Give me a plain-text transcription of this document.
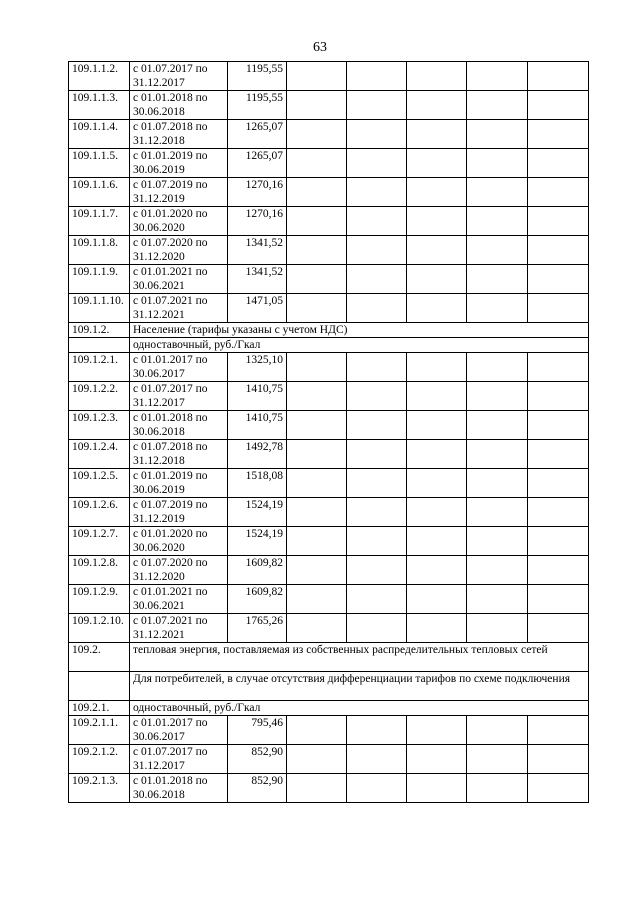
63
109.1.1.2.	с 01.07.2017 по 31.12.2017	1195,55					
109.1.1.3.	с 01.01.2018 по 30.06.2018	1195,55					
109.1.1.4.	с 01.07.2018 по 31.12.2018	1265,07					
109.1.1.5.	с 01.01.2019 по 30.06.2019	1265,07					
109.1.1.6.	с 01.07.2019 по 31.12.2019	1270,16					
109.1.1.7.	с 01.01.2020 по 30.06.2020	1270,16					
109.1.1.8.	с 01.07.2020 по 31.12.2020	1341,52					
109.1.1.9.	с 01.01.2021 по 30.06.2021	1341,52					
109.1.1.10.	с 01.07.2021 по 31.12.2021	1471,05					
109.1.2.	Население (тарифы указаны с учетом НДС)						
	одноставочный, руб./Гкал						
109.1.2.1.	с 01.01.2017 по 30.06.2017	1325,10					
109.1.2.2.	с 01.07.2017 по 31.12.2017	1410,75					
109.1.2.3.	с 01.01.2018 по 30.06.2018	1410,75					
109.1.2.4.	с 01.07.2018 по 31.12.2018	1492,78					
109.1.2.5.	с 01.01.2019 по 30.06.2019	1518,08					
109.1.2.6.	с 01.07.2019 по 31.12.2019	1524,19					
109.1.2.7.	с 01.01.2020 по 30.06.2020	1524,19					
109.1.2.8.	с 01.07.2020 по 31.12.2020	1609,82					
109.1.2.9.	с 01.01.2021 по 30.06.2021	1609,82					
109.1.2.10.	с 01.07.2021 по 31.12.2021	1765,26					
109.2.	тепловая энергия, поставляемая из собственных распределительных тепловых сетей						
	Для потребителей, в случае отсутствия дифференциации тарифов по схеме подключения						
109.2.1.	одноставочный, руб./Гкал						
109.2.1.1.	с 01.01.2017 по 30.06.2017	795,46					
109.2.1.2.	с 01.07.2017 по 31.12.2017	852,90					
109.2.1.3.	с 01.01.2018 по 30.06.2018	852,90					
